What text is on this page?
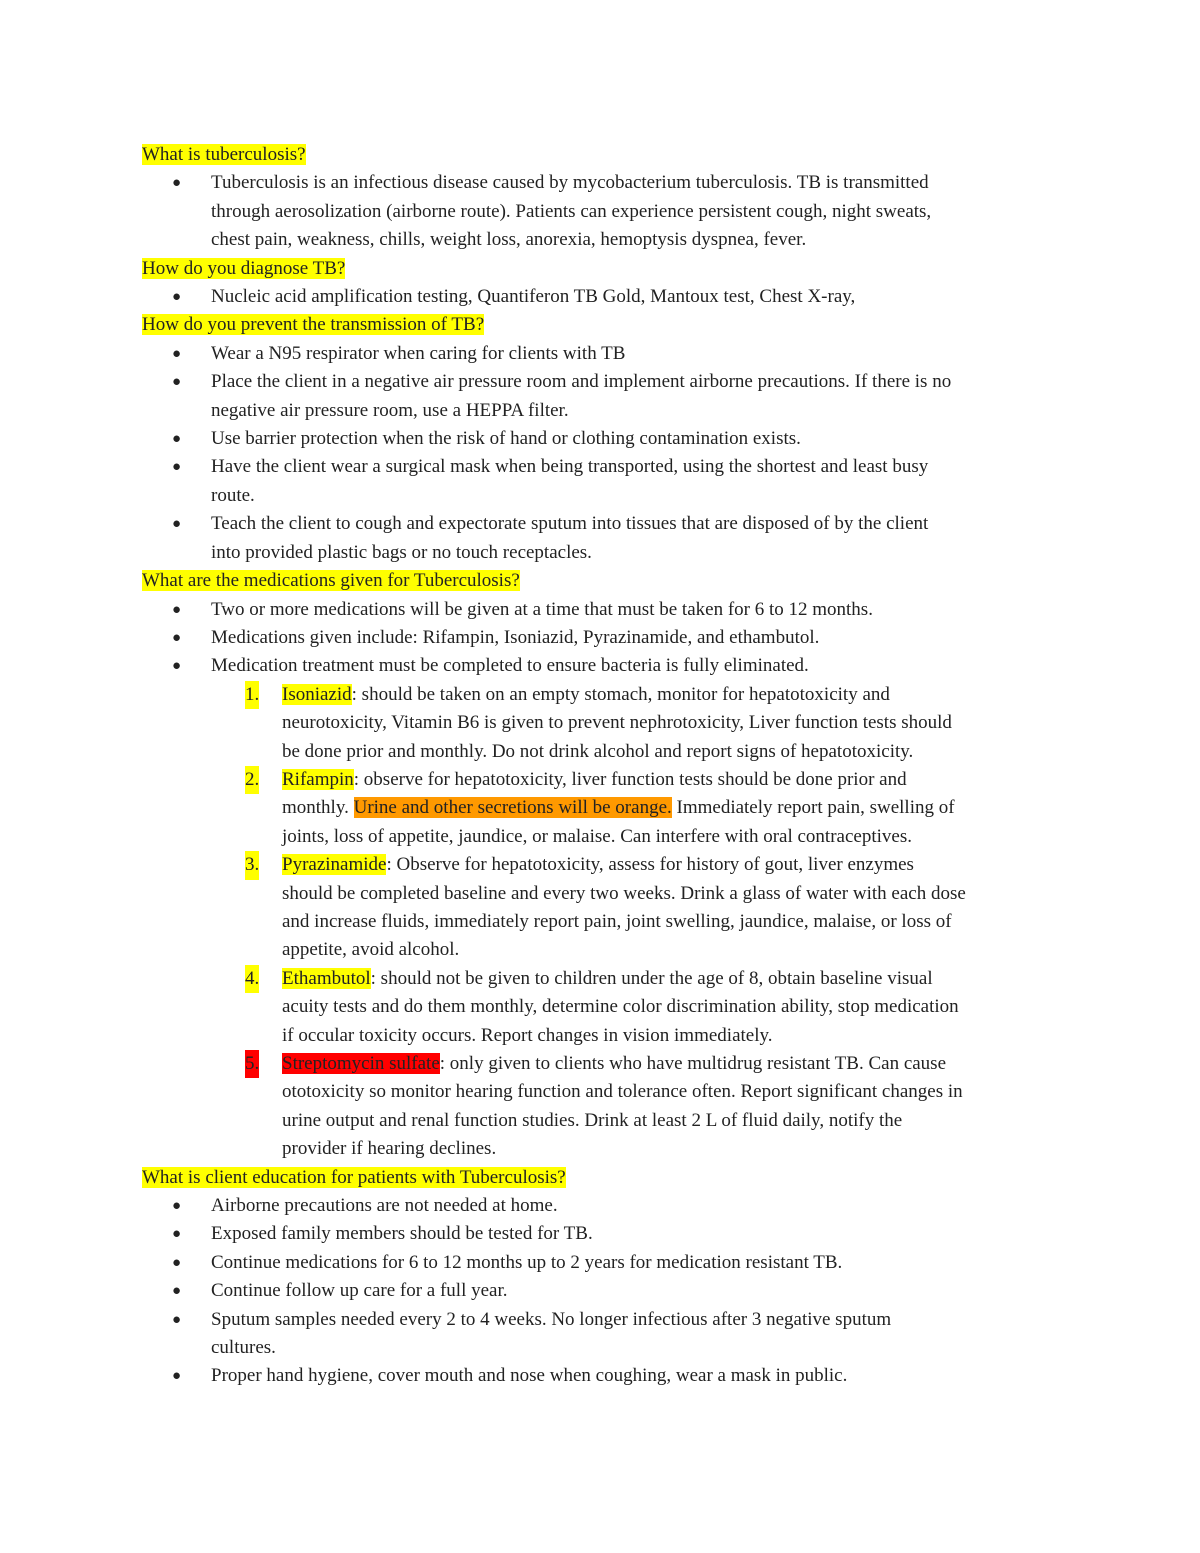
What is tuberculosis?
● Tuberculosis is an infectious disease caused by mycobacterium tuberculosis. TB is transmitted
through aerosolization (airborne route). Patients can experience persistent cough, night sweats,
chest pain, weakness, chills, weight loss, anorexia, hemoptysis dyspnea, fever.
How do you diagnose TB?
● Nucleic acid amplification testing, Quantiferon TB Gold, Mantoux test, Chest X-ray,
How do you prevent the transmission of TB?
● Wear a N95 respirator when caring for clients with TB
● Place the client in a negative air pressure room and implement airborne precautions. If there is no
negative air pressure room, use a HEPPA filter.
● Use barrier protection when the risk of hand or clothing contamination exists.
● Have the client wear a surgical mask when being transported, using the shortest and least busy
route.
● Teach the client to cough and expectorate sputum into tissues that are disposed of by the client
into provided plastic bags or no touch receptacles.
What are the medications given for Tuberculosis?
● Two or more medications will be given at a time that must be taken for 6 to 12 months.
● Medications given include: Rifampin, Isoniazid, Pyrazinamide, and ethambutol.
● Medication treatment must be completed to ensure bacteria is fully eliminated.
1. Isoniazid: should be taken on an empty stomach, monitor for hepatotoxicity and
neurotoxicity, Vitamin B6 is given to prevent nephrotoxicity, Liver function tests should
be done prior and monthly. Do not drink alcohol and report signs of hepatotoxicity.
2. Rifampin: observe for hepatotoxicity, liver function tests should be done prior and
monthly. Urine and other secretions will be orange. Immediately report pain, swelling of
joints, loss of appetite, jaundice, or malaise. Can interfere with oral contraceptives.
3. Pyrazinamide: Observe for hepatotoxicity, assess for history of gout, liver enzymes
should be completed baseline and every two weeks. Drink a glass of water with each dose
and increase fluids, immediately report pain, joint swelling, jaundice, malaise, or loss of
appetite, avoid alcohol.
4. Ethambutol: should not be given to children under the age of 8, obtain baseline visual
acuity tests and do them monthly, determine color discrimination ability, stop medication
if occular toxicity occurs. Report changes in vision immediately.
5. Streptomycin sulfate: only given to clients who have multidrug resistant TB. Can cause
ototoxicity so monitor hearing function and tolerance often. Report significant changes in
urine output and renal function studies. Drink at least 2 L of fluid daily, notify the
provider if hearing declines.
What is client education for patients with Tuberculosis?
● Airborne precautions are not needed at home.
● Exposed family members should be tested for TB.
● Continue medications for 6 to 12 months up to 2 years for medication resistant TB.
● Continue follow up care for a full year.
● Sputum samples needed every 2 to 4 weeks. No longer infectious after 3 negative sputum
cultures.
● Proper hand hygiene, cover mouth and nose when coughing, wear a mask in public.
